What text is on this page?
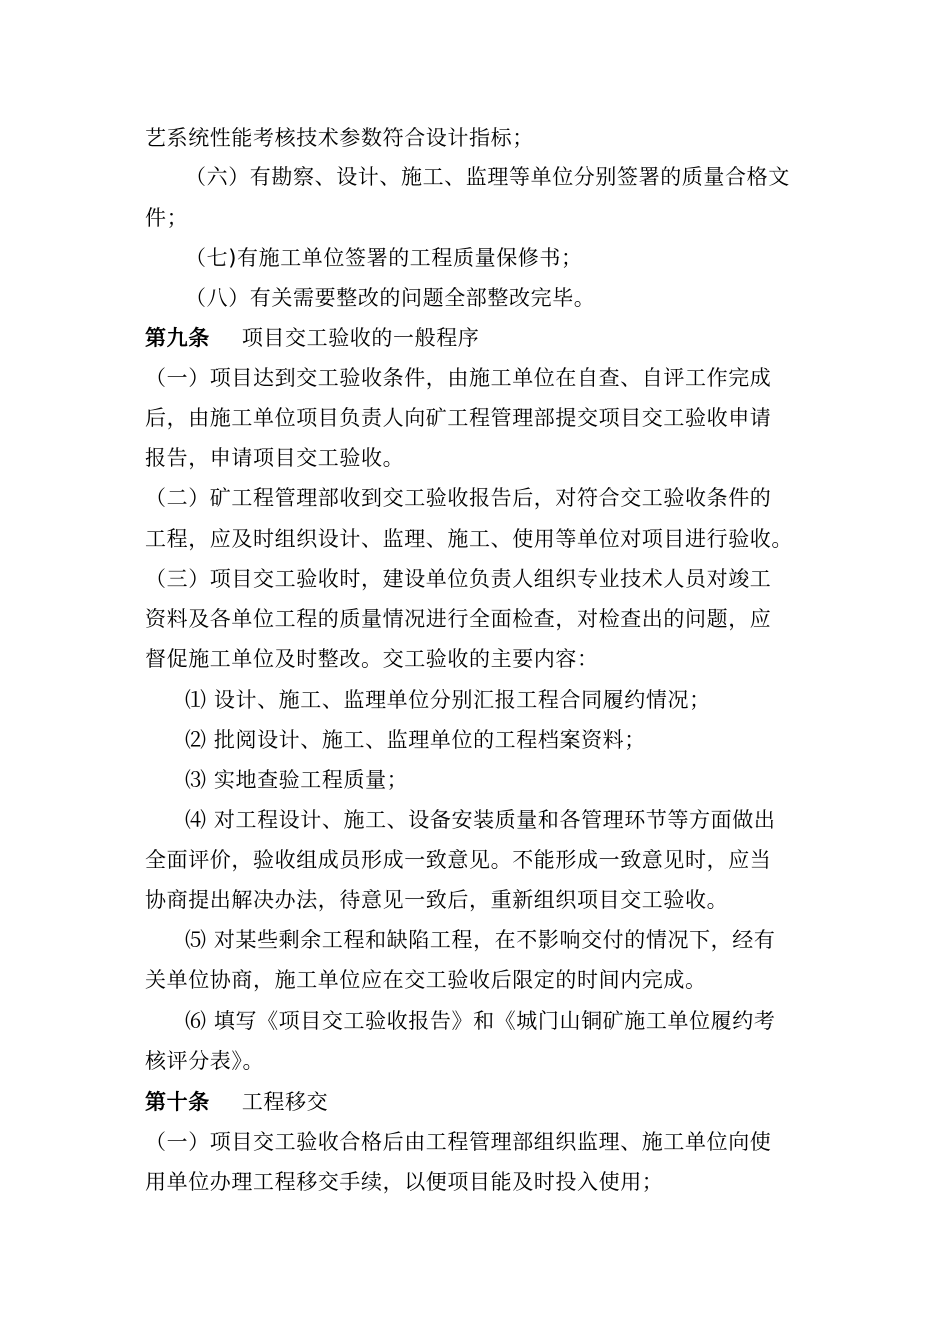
艺系统性能考核技术参数符合设计指标；
（六）有勘察、设计、施工、监理等单位分别签署的质量合格文
件；
（七)有施工单位签署的工程质量保修书；
（八）有关需要整改的问题全部整改完毕。
第九条 项目交工验收的一般程序
（一）项目达到交工验收条件，由施工单位在自查、自评工作完成
后，由施工单位项目负责人向矿工程管理部提交项目交工验收申请
报告，申请项目交工验收。
（二）矿工程管理部收到交工验收报告后，对符合交工验收条件的
工程，应及时组织设计、监理、施工、使用等单位对项目进行验收。
（三）项目交工验收时，建设单位负责人组织专业技术人员对竣工
资料及各单位工程的质量情况进行全面检查，对检查出的问题，应
督促施工单位及时整改。交工验收的主要内容：
⑴ 设计、施工、监理单位分别汇报工程合同履约情况；
⑵ 批阅设计、施工、监理单位的工程档案资料；
⑶ 实地查验工程质量；
⑷ 对工程设计、施工、设备安装质量和各管理环节等方面做出
全面评价，验收组成员形成一致意见。不能形成一致意见时，应当
协商提出解决办法，待意见一致后，重新组织项目交工验收。
⑸ 对某些剩余工程和缺陷工程，在不影响交付的情况下，经有
关单位协商，施工单位应在交工验收后限定的时间内完成。
⑹ 填写《项目交工验收报告》和《城门山铜矿施工单位履约考
核评分表》。
第十条 工程移交
（一）项目交工验收合格后由工程管理部组织监理、施工单位向使
用单位办理工程移交手续，以便项目能及时投入使用；
